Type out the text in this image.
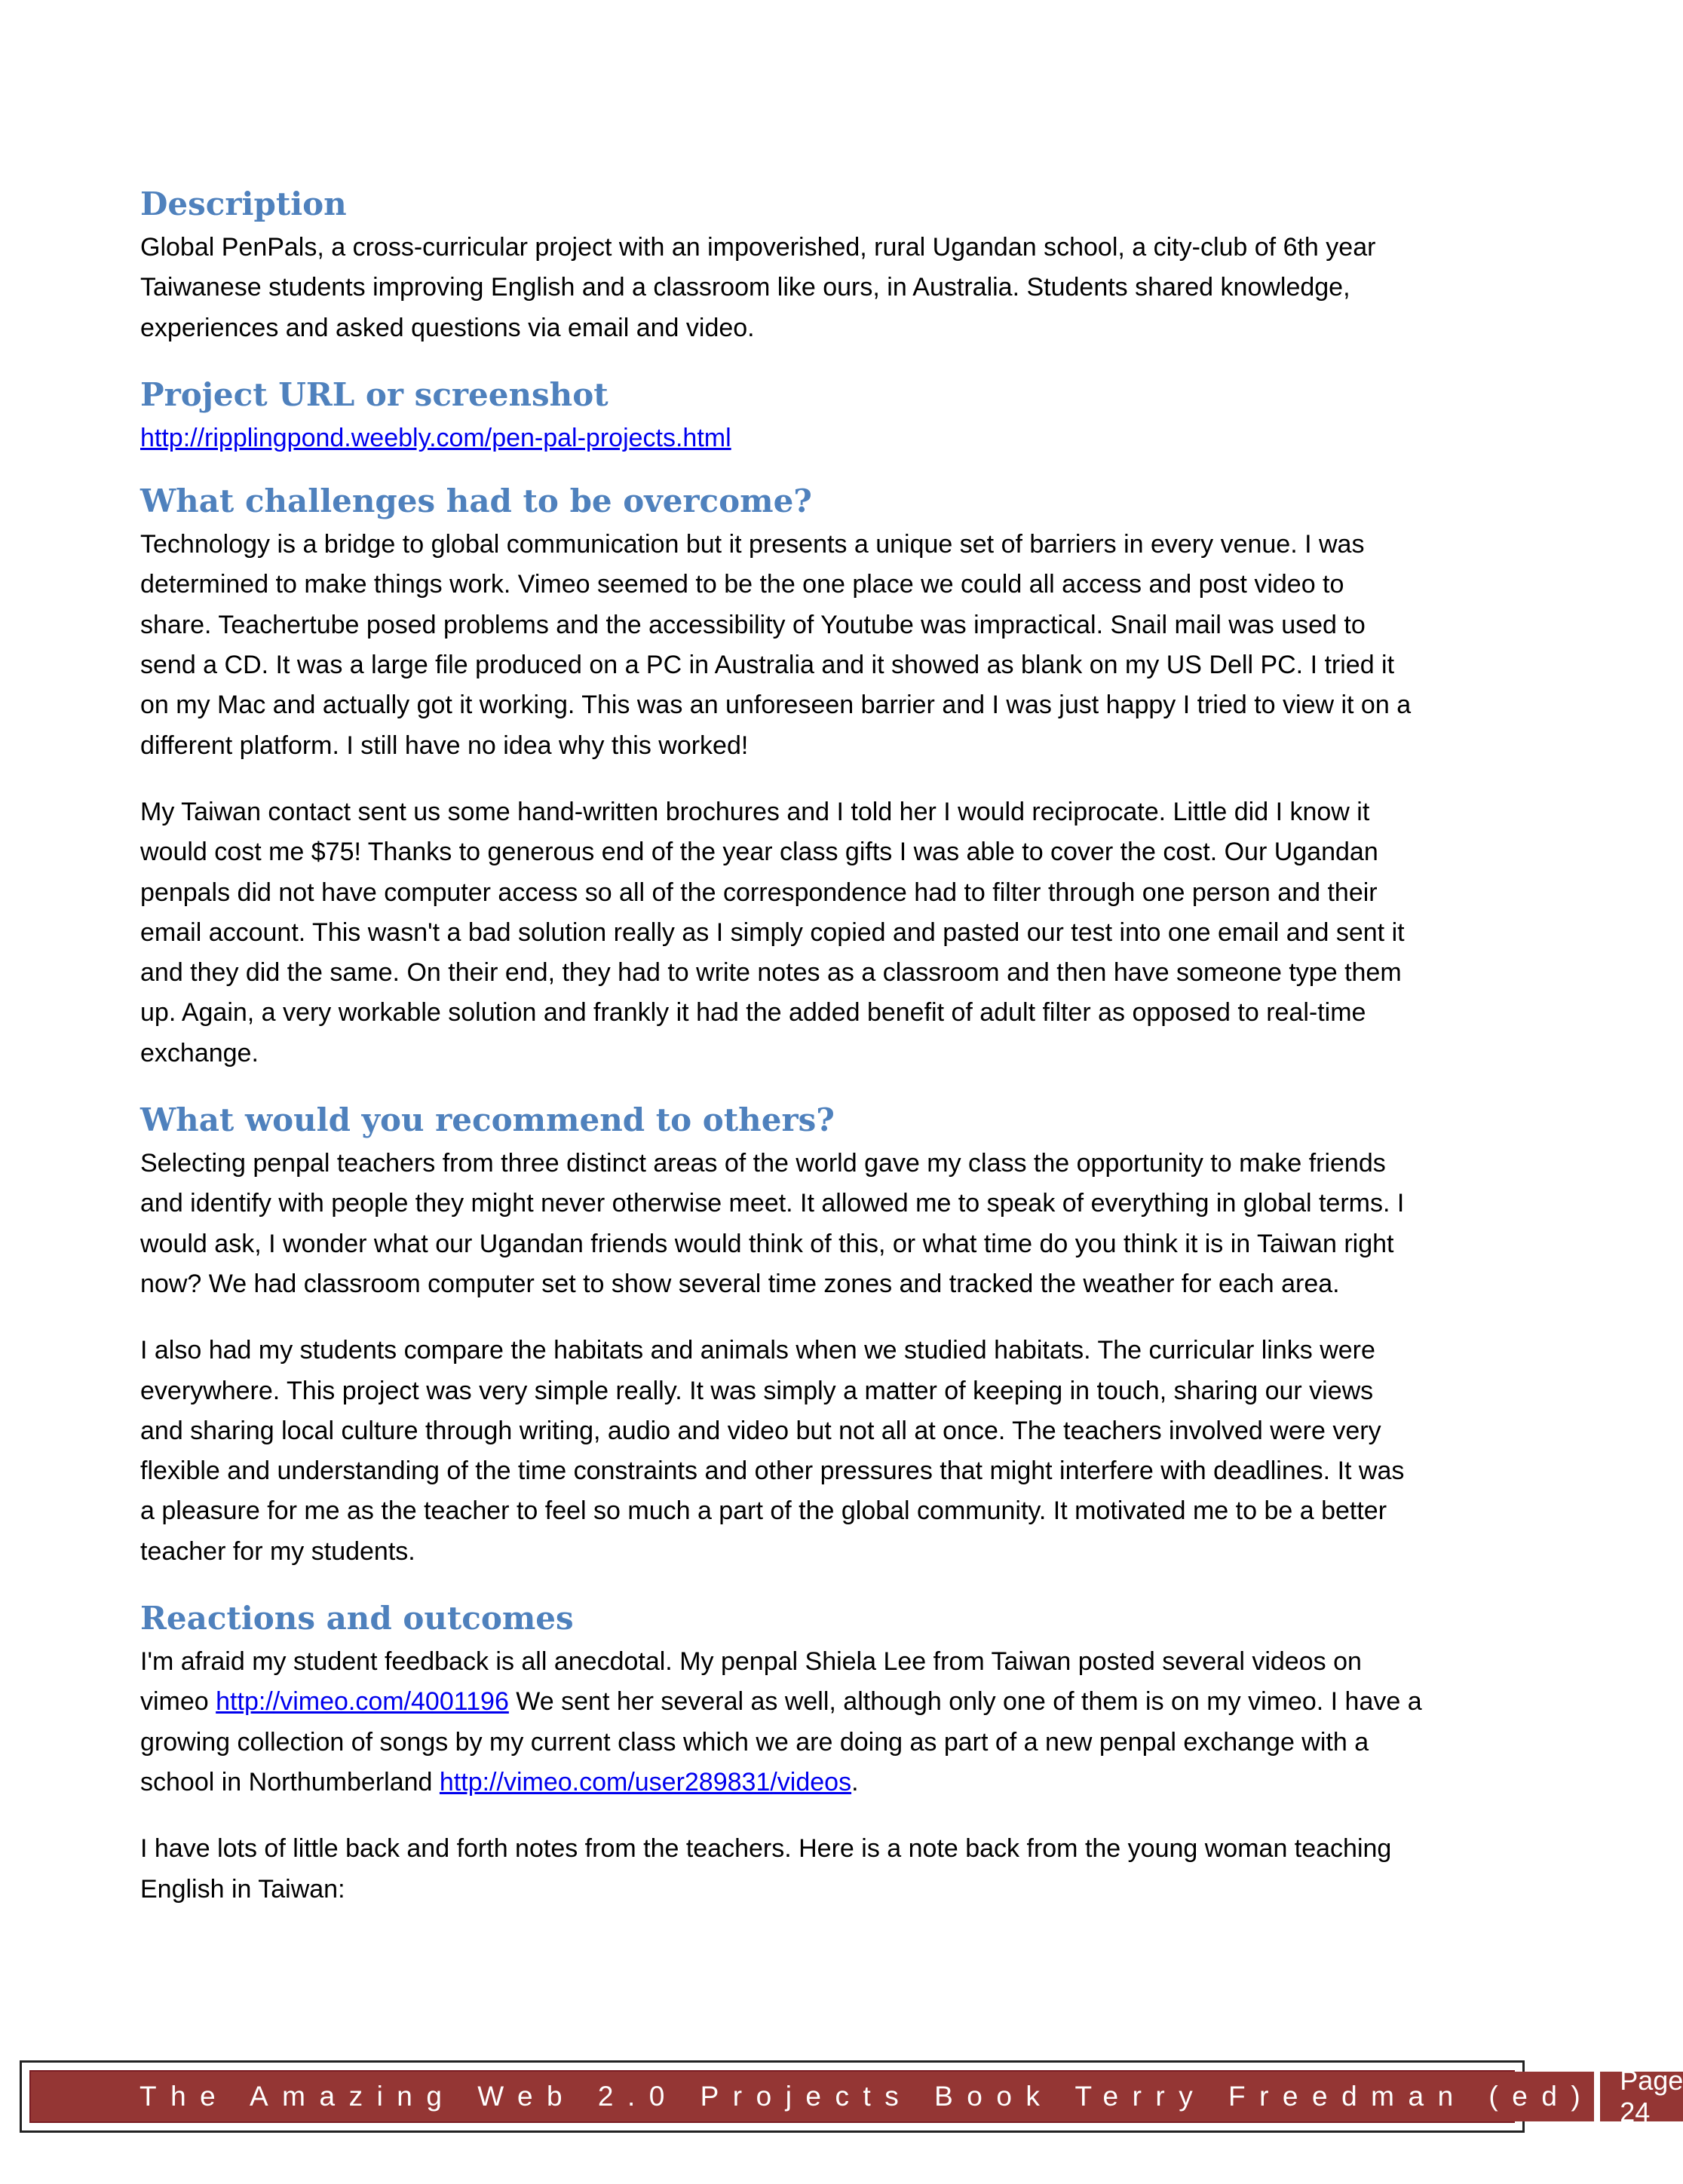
Description

Global PenPals, a cross-curricular project with an impoverished, rural Ugandan school, a city-club of 6th year Taiwanese students improving English and a classroom like ours, in Australia. Students shared knowledge, experiences and asked questions via email and video.

Project URL or screenshot

http://ripplingpond.weebly.com/pen-pal-projects.html

What challenges had to be overcome?

Technology is a bridge to global communication but it presents a unique set of barriers in every venue. I was determined to make things work. Vimeo seemed to be the one place we could all access and post video to share. Teachertube posed problems and the accessibility of Youtube was impractical. Snail mail was used to send a CD. It was a large file produced on a PC in Australia and it showed as blank on my US Dell PC. I tried it on my Mac and actually got it working. This was an unforeseen barrier and I was just happy I tried to view it on a different platform. I still have no idea why this worked!

My Taiwan contact sent us some hand-written brochures and I told her I would reciprocate. Little did I know it would cost me $75! Thanks to generous end of the year class gifts I was able to cover the cost. Our Ugandan penpals did not have computer access so all of the correspondence had to filter through one person and their email account. This wasn't a bad solution really as I simply copied and pasted our test into one email and sent it and they did the same. On their end, they had to write notes as a classroom and then have someone type them up. Again, a very workable solution and frankly it had the added benefit of adult filter as opposed to real-time exchange.

What would you recommend to others?

Selecting penpal teachers from three distinct areas of the world gave my class the opportunity to make friends and identify with people they might never otherwise meet. It allowed me to speak of everything in global terms. I would ask, I wonder what our Ugandan friends would think of this, or what time do you think it is in Taiwan right now? We had classroom computer set to show several time zones and tracked the weather for each area.

I also had my students compare the habitats and animals when we studied habitats. The curricular links were everywhere. This project was very simple really. It was simply a matter of keeping in touch, sharing our views and sharing local culture through writing, audio and video but not all at once. The teachers involved were very flexible and understanding of the time constraints and other pressures that might interfere with deadlines. It was a pleasure for me as the teacher to feel so much a part of the global community. It motivated me to be a better teacher for my students.

Reactions and outcomes

I'm afraid my student feedback is all anecdotal. My penpal Shiela Lee from Taiwan posted several videos on vimeo http://vimeo.com/4001196 We sent her several as well, although only one of them is on my vimeo. I have a growing collection of songs by my current class which we are doing as part of a new penpal exchange with a school in Northumberland http://vimeo.com/user289831/videos.

I have lots of little back and forth notes from the teachers. Here is a note back from the young woman teaching English in Taiwan:

The Amazing Web 2.0 Projects Book Terry Freedman (ed)
Page 24
